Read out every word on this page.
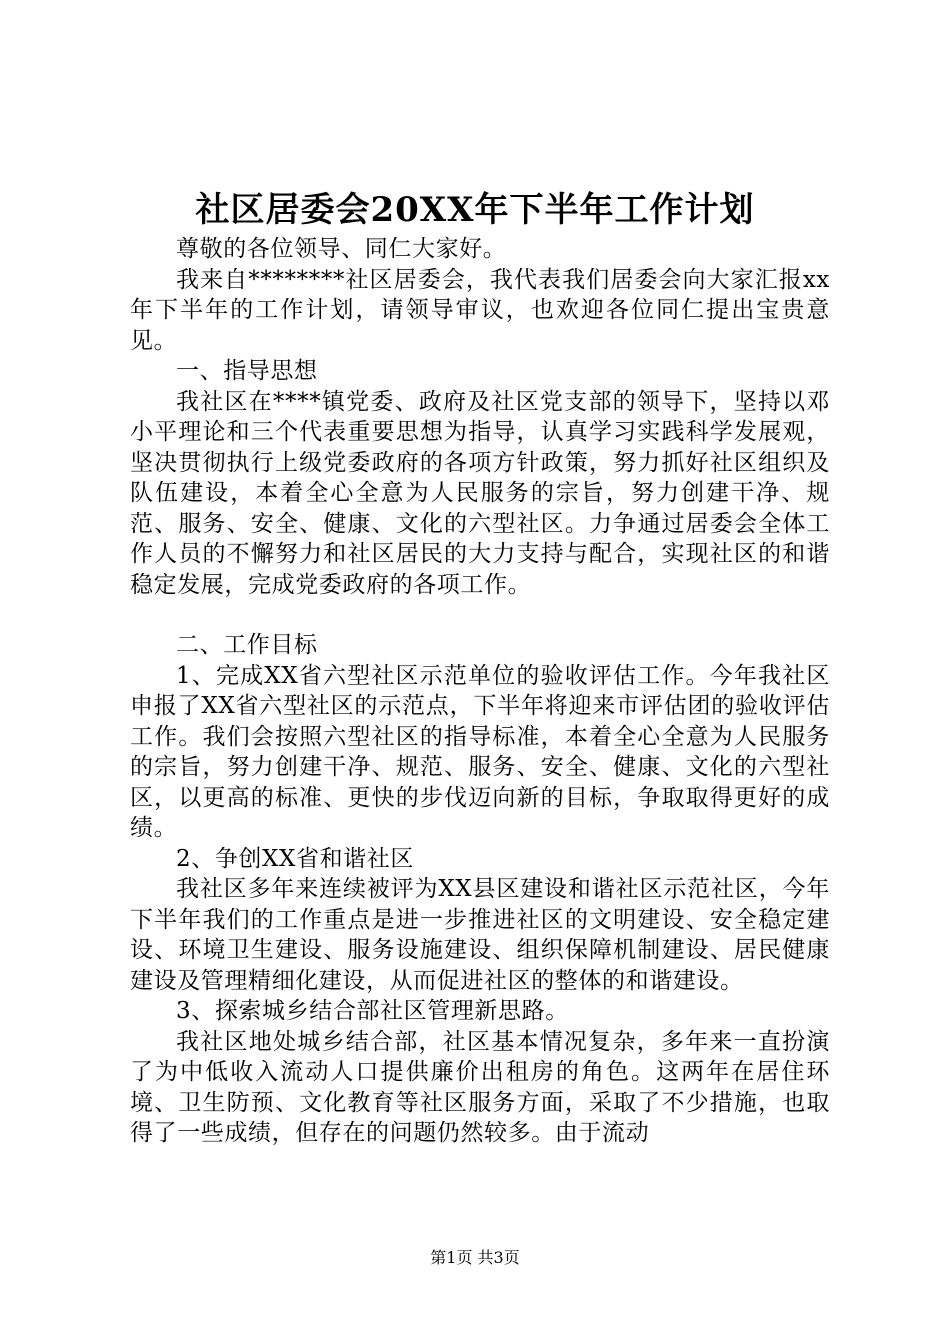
社区居委会20XX年下半年工作计划

尊敬的各位领导、同仁大家好。

我来自********社区居委会，我代表我们居委会向大家汇报xx年下半年的工作计划，请领导审议，也欢迎各位同仁提出宝贵意见。

一、指导思想

我社区在****镇党委、政府及社区党支部的领导下，坚持以邓小平理论和三个代表重要思想为指导，认真学习实践科学发展观，坚决贯彻执行上级党委政府的各项方针政策，努力抓好社区组织及队伍建设，本着全心全意为人民服务的宗旨，努力创建干净、规范、服务、安全、健康、文化的六型社区。力争通过居委会全体工作人员的不懈努力和社区居民的大力支持与配合，实现社区的和谐稳定发展，完成党委政府的各项工作。

二、工作目标

1、完成XX省六型社区示范单位的验收评估工作。今年我社区申报了XX省六型社区的示范点，下半年将迎来市评估团的验收评估工作。我们会按照六型社区的指导标准，本着全心全意为人民服务的宗旨，努力创建干净、规范、服务、安全、健康、文化的六型社区，以更高的标准、更快的步伐迈向新的目标，争取取得更好的成绩。

2、争创XX省和谐社区

我社区多年来连续被评为XX县区建设和谐社区示范社区，今年下半年我们的工作重点是进一步推进社区的文明建设、安全稳定建设、环境卫生建设、服务设施建设、组织保障机制建设、居民健康建设及管理精细化建设，从而促进社区的整体的和谐建设。

3、探索城乡结合部社区管理新思路。

我社区地处城乡结合部，社区基本情况复杂，多年来一直扮演了为中低收入流动人口提供廉价出租房的角色。这两年在居住环境、卫生防预、文化教育等社区服务方面，采取了不少措施，也取得了一些成绩，但存在的问题仍然较多。由于流动

第1页 共3页
